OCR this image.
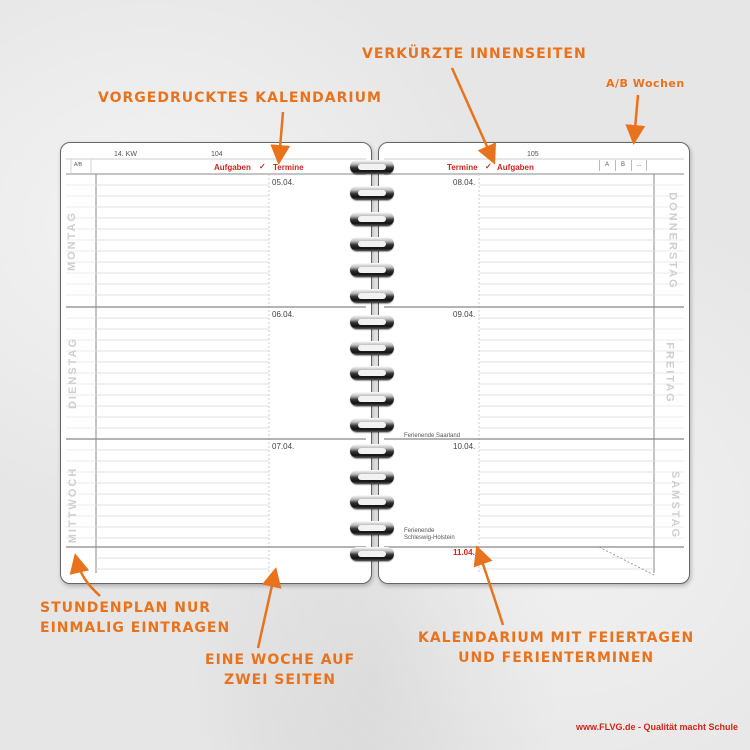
VORGEDRUCKTES KALENDARIUM
VERKÜRZTE INNENSEITEN
A/B Wochen
STUNDENPLAN NUR
EINMALIG EINTRAGEN
EINE WOCHE AUF
ZWEI SEITEN
KALENDARIUM MIT FEIERTAGEN
UND FERIENTERMINEN
A/B
14. KW	104
Aufgaben ✓ Termine
05.04.
06.04.
07.04.
MONTAG
DIENSTAG
MITTWOCH
105
Termine ✓ Aufgaben	A	B	...
08.04.
09.04.
10.04.
Ferienende Saarland
Ferienende
Schleswig-Holstein
11.04.
DONNERSTAG
FREITAG
SAMSTAG
www.FLVG.de - Qualität macht Schule
